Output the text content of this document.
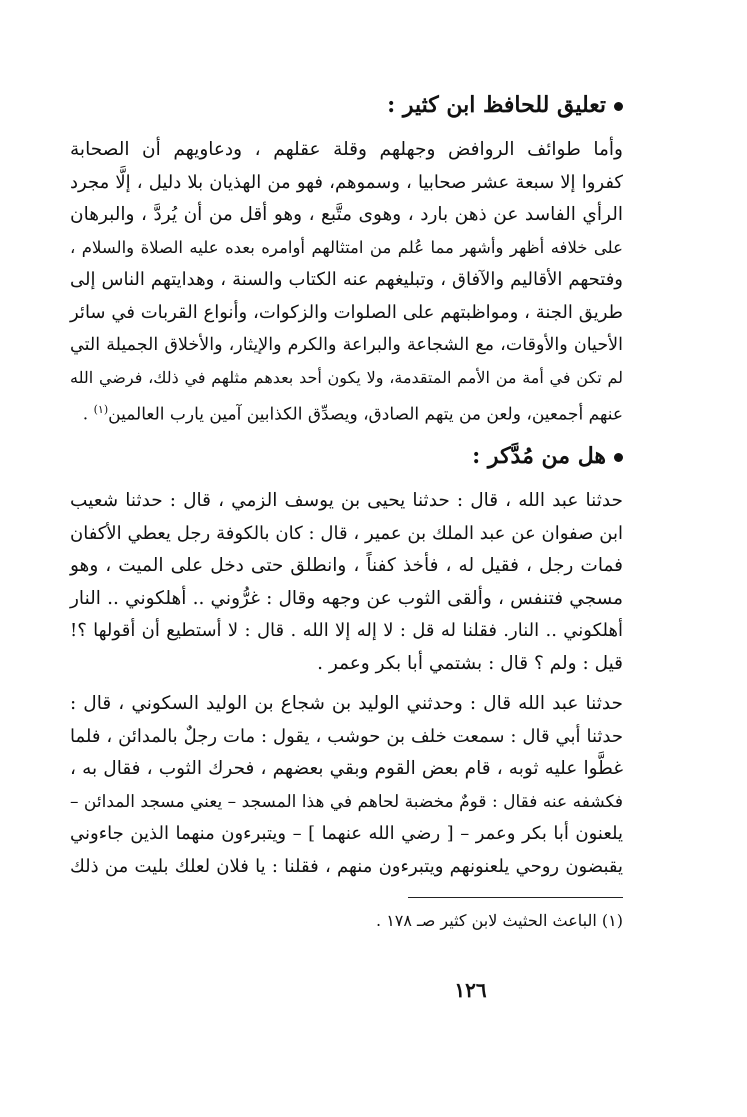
تعليق للحافظ ابن كثير :
وأما طوائف الروافض وجهلهم وقلة عقلهم ، ودعاويهم أن الصحابة
كفروا إلا سبعة عشر صحابيا ، وسموهم، فهو من الهذيان بلا دليل ، إلَّا مجرد
الرأي الفاسد عن ذهن بارد ، وهوى متَّبع ، وهو أقل من أن يُردَّ ، والبرهان
على خلافه أظهر وأشهر مما عُلم من امتثالهم أوامره بعده عليه الصلاة والسلام ،
وفتحهم الأقاليم والآفاق ، وتبليغهم عنه الكتاب والسنة ، وهدايتهم الناس إلى
طريق الجنة ، ومواظبتهم على الصلوات والزكوات، وأنواع القربات في سائر
الأحيان والأوقات، مع الشجاعة والبراعة والكرم والإيثار، والأخلاق الجميلة التي
لم تكن في أمة من الأمم المتقدمة، ولا يكون أحد بعدهم مثلهم في ذلك، فرضي الله
عنهم أجمعين، ولعن من يتهم الصادق، ويصدِّق الكذابين آمين يارب العالمين$^{(١)}$ .
هل من مُدَّكر :
حدثنا عبد الله ، قال : حدثنا يحيى بن يوسف الزمي ، قال : حدثنا شعيب
ابن صفوان عن عبد الملك بن عمير ، قال : كان بالكوفة رجل يعطي الأكفان
فمات رجل ، فقيل له ، فأخذ كفناً ، وانطلق حتى دخل على الميت ، وهو
مسجي فتنفس ، وألقى الثوب عن وجهه وقال : غرُّوني .. أهلكوني .. النار
أهلكوني .. النار. فقلنا له قل : لا إله إلا الله . قال : لا أستطيع أن أقولها ؟!
قيل : ولم ؟ قال : بشتمي أبا بكر وعمر .
حدثنا عبد الله قال : وحدثني الوليد بن شجاع بن الوليد السكوني ، قال :
حدثنا أبي قال : سمعت خلف بن حوشب ، يقول : مات رجلٌ بالمدائن ، فلما
غطَّوا عليه ثوبه ، قام بعض القوم وبقي بعضهم ، فحرك الثوب ، فقال به ،
فكشفه عنه فقال : قومٌ مخضبة لحاهم في هذا المسجد – يعني مسجد المدائن –
يلعنون أبا بكر وعمر – [ رضي الله عنهما ] – ويتبرءون منهما الذين جاءوني
يقبضون روحي يلعنونهم ويتبرءون منهم ، فقلنا : يا فلان لعلك بليت من ذلك
(١) الباعث الحثيث لابن كثير صـ ١٧٨ .
١٢٦
